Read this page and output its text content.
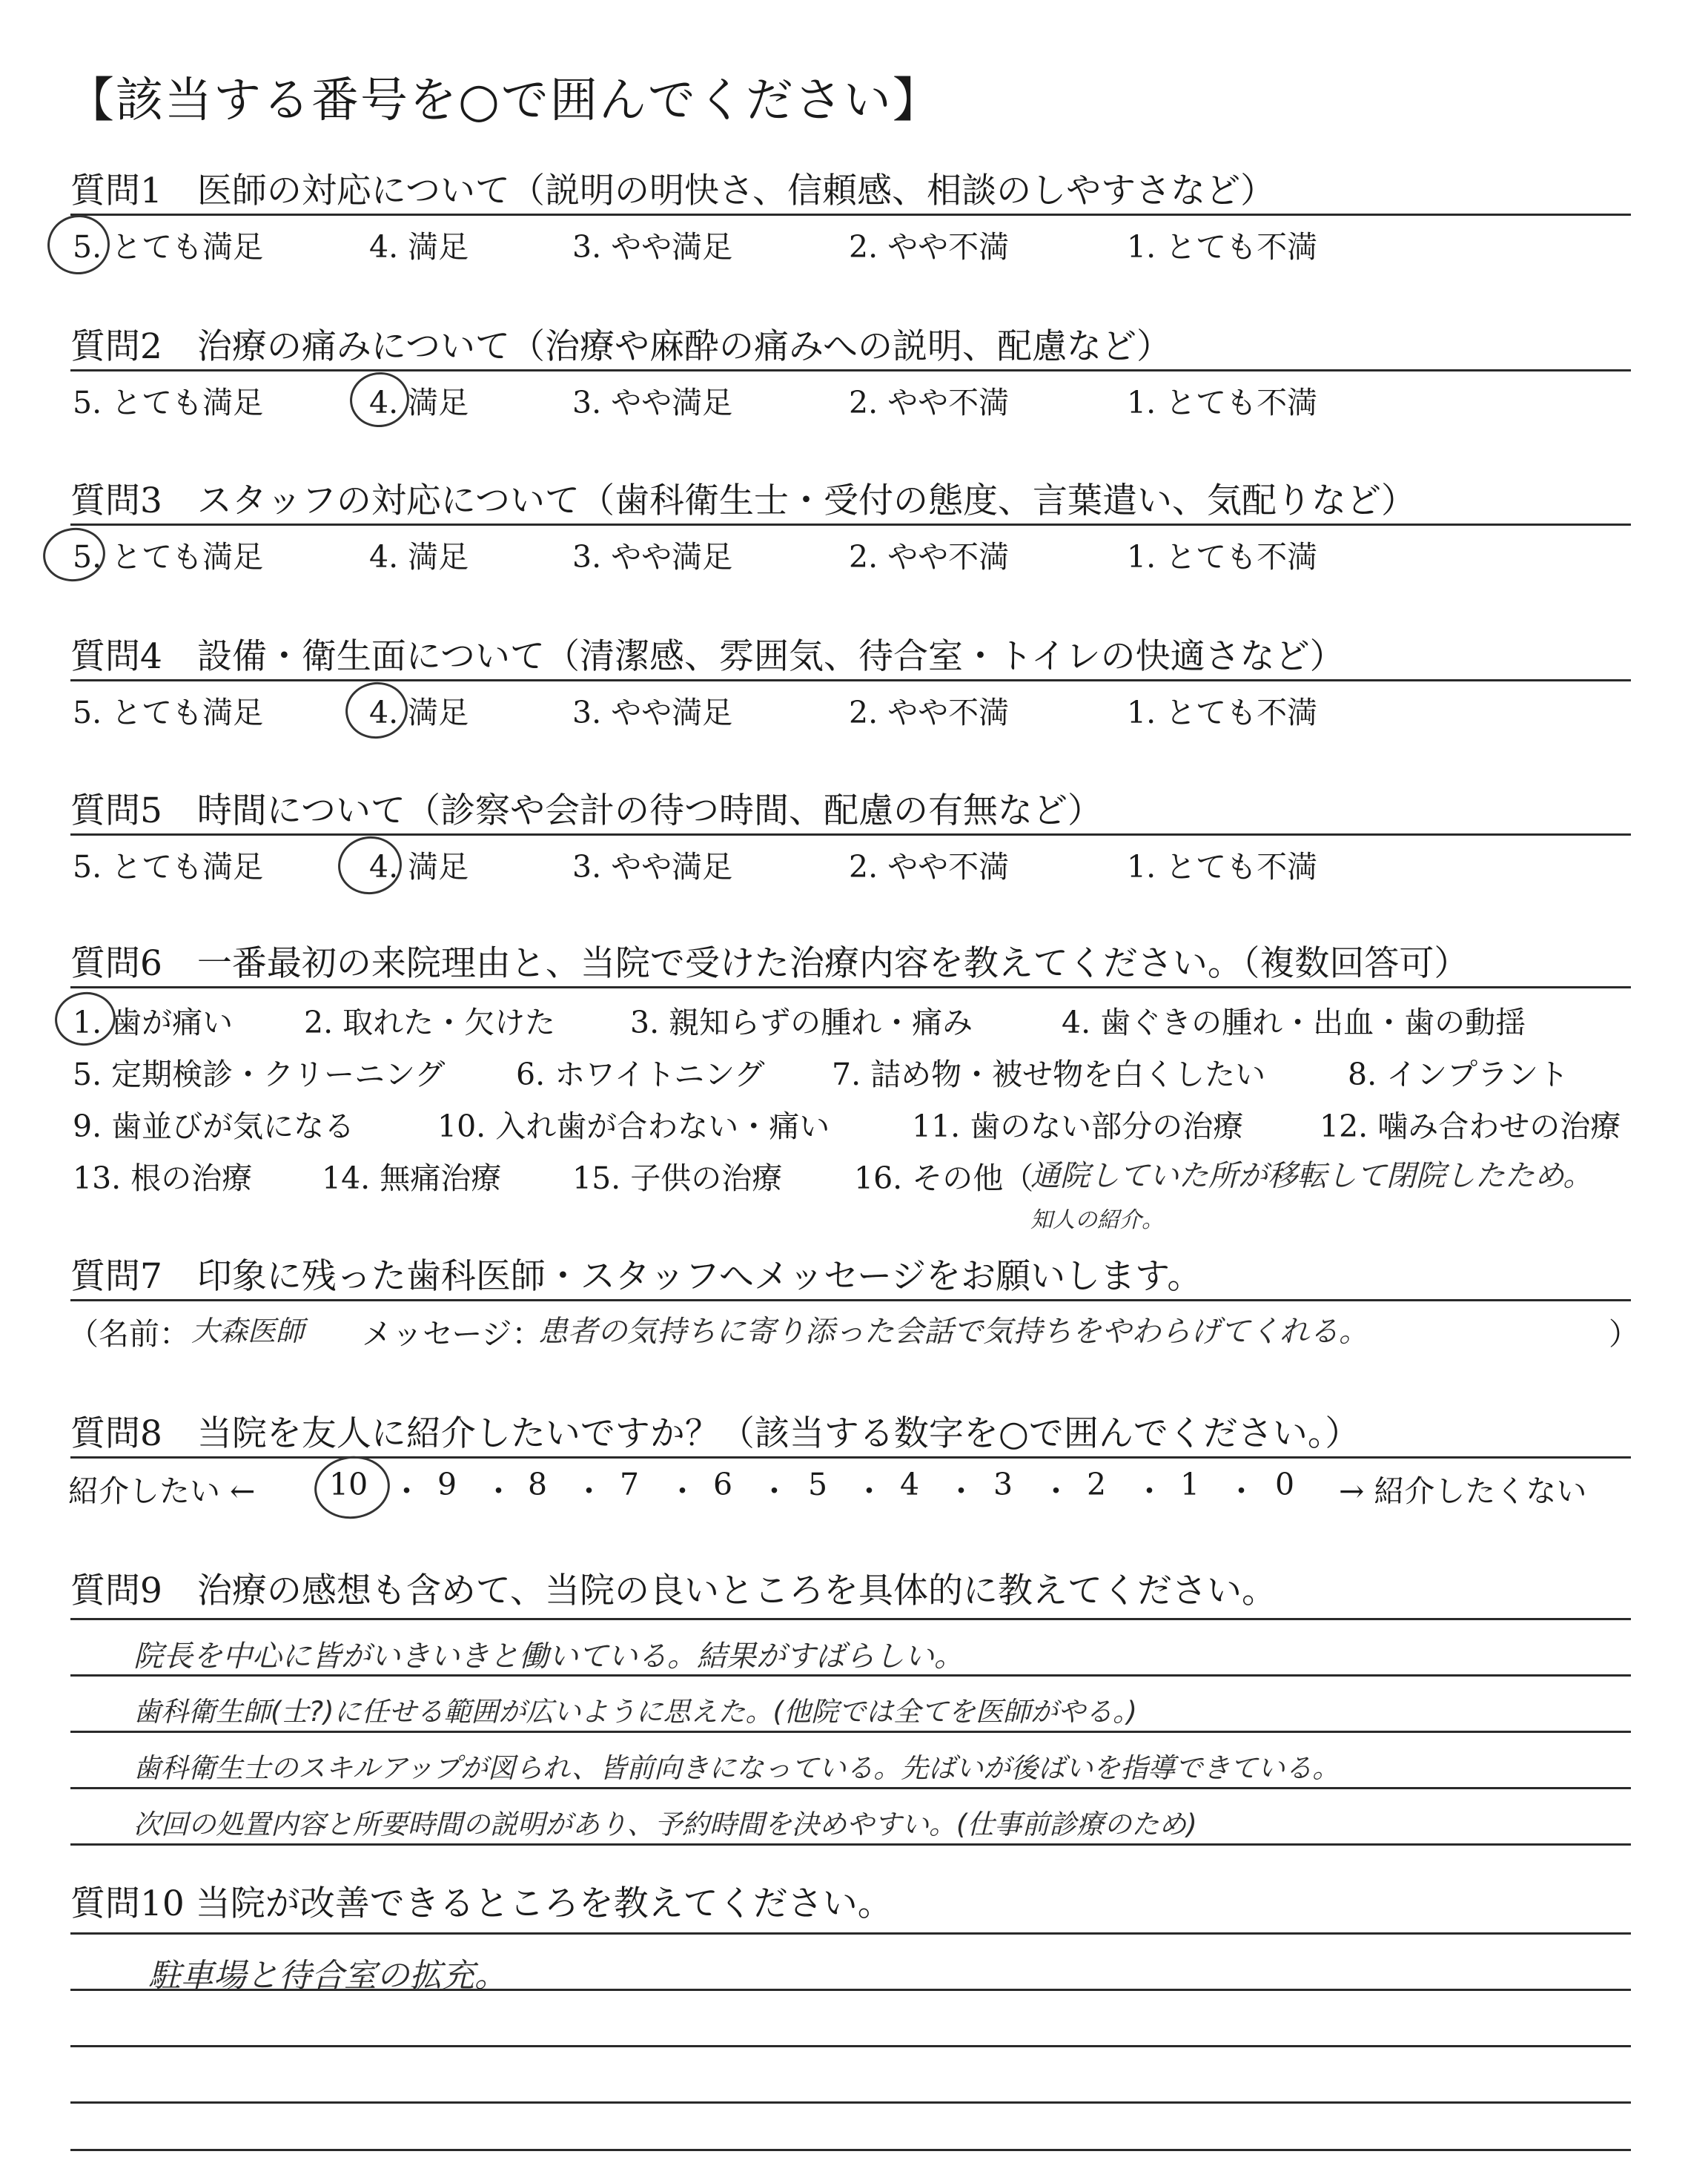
【該当する番号を○で囲んでください】
質問1　医師の対応について（説明の明快さ、信頼感、相談のしやすさなど）
5. とても満足	4. 満足	3. やや満足	2. やや不満	1. とても不満
質問2　治療の痛みについて（治療や麻酔の痛みへの説明、配慮など）
5. とても満足	4. 満足	3. やや満足	2. やや不満	1. とても不満
質問3　スタッフの対応について（歯科衛生士・受付の態度、言葉遣い、気配りなど）
5. とても満足	4. 満足	3. やや満足	2. やや不満	1. とても不満
質問4　設備・衛生面について（清潔感、雰囲気、待合室・トイレの快適さなど）
5. とても満足	4. 満足	3. やや満足	2. やや不満	1. とても不満
質問5　時間について（診察や会計の待つ時間、配慮の有無など）
5. とても満足	4. 満足	3. やや満足	2. やや不満	1. とても不満
質問6　一番最初の来院理由と、当院で受けた治療内容を教えてください。（複数回答可）
1. 歯が痛い 2. 取れた・欠けた 3. 親知らずの腫れ・痛み	4. 歯ぐきの腫れ・出血・歯の動揺
5. 定期検診・クリーニング 6. ホワイトニング 7. 詰め物・被せ物を白くしたい	8. インプラント
9. 歯並びが気になる	10. 入れ歯が合わない・痛い	11. 歯のない部分の治療	12. 噛み合わせの治療
13. 根の治療 14. 無痛治療 15. 子供の治療 16. その他（
通院していた所が移転して閉院したため。
知人の紹介。
質問7　印象に残った歯科医師・スタッフへメッセージをお願いします。
（名前： 大森医師 メッセージ：
患者の気持ちに寄り添った会話で気持ちをやわらげてくれる。	）
質問8　当院を友人に紹介したいですか？（該当する数字を○で囲んでください。）
紹介したい ← 10 ・ 9 ・ 8 ・ 7 ・ 6 ・ 5 ・ 4 ・ 3 ・ 2 ・ 1 ・ 0 → 紹介したくない
質問9　治療の感想も含めて、当院の良いところを具体的に教えてください。
院長を中心に皆がいきいきと働いている。結果がすばらしい。
歯科衛生師(士?)に任せる範囲が広いように思えた。(他院では全てを医師がやる。)
歯科衛生士のスキルアップが図られ、皆前向きになっている。先ばいが後ばいを指導できている。
次回の処置内容と所要時間の説明があり、予約時間を決めやすい。(仕事前診療のため)
質問10 当院が改善できるところを教えてください。
駐車場と待合室の拡充。
